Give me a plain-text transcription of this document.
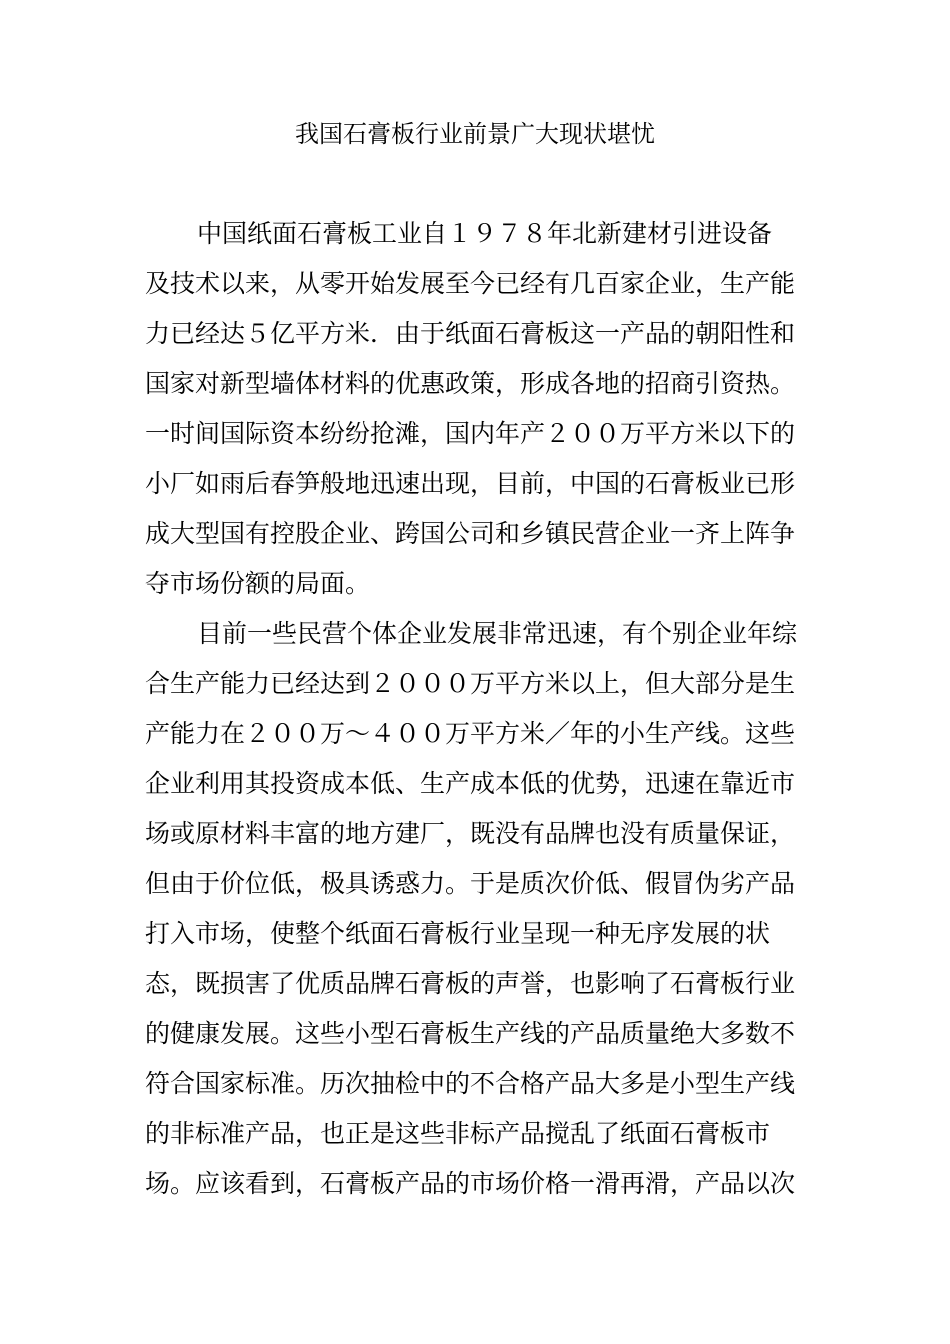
我国石膏板行业前景广大现状堪忧
中国纸面石膏板工业自１９７８年北新建材引进设备
及技术以来，从零开始发展至今已经有几百家企业，生产能
力已经达５亿平方米．由于纸面石膏板这一产品的朝阳性和
国家对新型墙体材料的优惠政策，形成各地的招商引资热。
一时间国际资本纷纷抢滩，国内年产２００万平方米以下的
小厂如雨后春笋般地迅速出现，目前，中国的石膏板业已形
成大型国有控股企业、跨国公司和乡镇民营企业一齐上阵争
夺市场份额的局面。
目前一些民营个体企业发展非常迅速，有个别企业年综
合生产能力已经达到２０００万平方米以上，但大部分是生
产能力在２００万～４００万平方米／年的小生产线。这些
企业利用其投资成本低、生产成本低的优势，迅速在靠近市
场或原材料丰富的地方建厂，既没有品牌也没有质量保证，
但由于价位低，极具诱惑力。于是质次价低、假冒伪劣产品
打入市场，使整个纸面石膏板行业呈现一种无序发展的状
态，既损害了优质品牌石膏板的声誉，也影响了石膏板行业
的健康发展。这些小型石膏板生产线的产品质量绝大多数不
符合国家标准。历次抽检中的不合格产品大多是小型生产线
的非标准产品，也正是这些非标产品搅乱了纸面石膏板市
场。应该看到，石膏板产品的市场价格一滑再滑，产品以次
